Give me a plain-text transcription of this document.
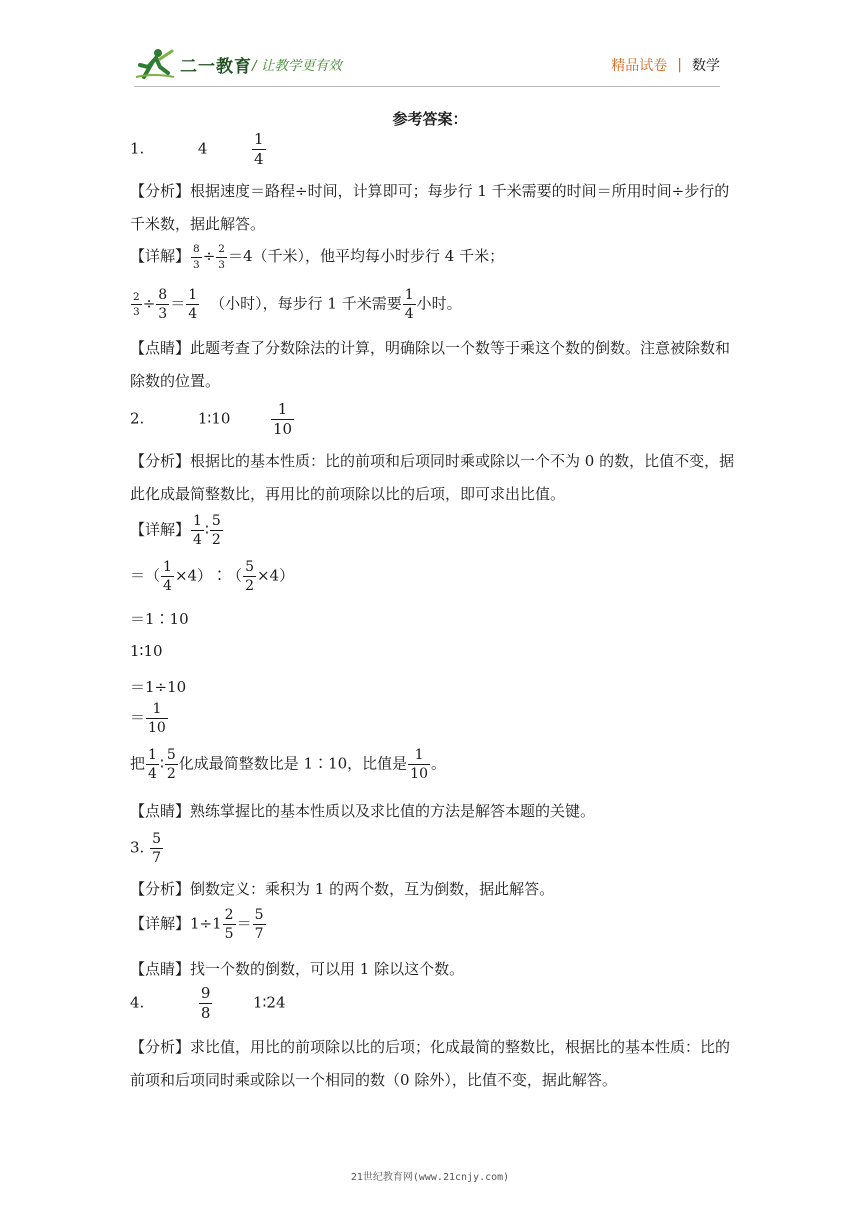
二一教育 / 让教学更有效	精品试卷 | 数学
参考答案：
1.	4	$\frac{1}{4}$
【分析】根据速度＝路程÷时间，计算即可；每步行 1 千米需要的时间＝所用时间÷步行的
千米数，据此解答。
【详解】 $\frac{8}{3} \div \frac{2}{3} =4$（千米），他平均每小时步行 4 千米；
$\frac{2}{3} \div \frac{8}{3} = \frac{1}{4}$ （小时），每步行 1 千米需要 $\frac{1}{4}$ 小时。
【点睛】此题考查了分数除法的计算，明确除以一个数等于乘这个数的倒数。注意被除数和
除数的位置。
2.	1∶10	$\frac{1}{10}$
【分析】根据比的基本性质：比的前项和后项同时乘或除以一个不为 0 的数，比值不变，据
此化成最简整数比，再用比的前项除以比的后项，即可求出比值。
【详解】 $\frac{1}{4}$ ∶ $\frac{5}{2}$
＝（ $\frac{1}{4}$ ×4）∶（ $\frac{5}{2} \times 4$）
＝1∶10
1∶10
＝1÷10
＝ $\frac{1}{10}$
把 $\frac{1}{4}$ ∶ $\frac{5}{2}$ 化成最简整数比是 1∶10，比值是 $\frac{1}{10}$ 。
【点睛】熟练掌握比的基本性质以及求比值的方法是解答本题的关键。
3. $\frac{5}{7}$
【分析】倒数定义：乘积为 1 的两个数，互为倒数，据此解答。
【详解】$1\div 1 \frac{2}{5} = \frac{5}{7}$
【点睛】找一个数的倒数，可以用 1 除以这个数。
4.	$\frac{9}{8}$	1∶24
【分析】求比值，用比的前项除以比的后项；化成最简的整数比，根据比的基本性质：比的
前项和后项同时乘或除以一个相同的数（0 除外），比值不变，据此解答。
21世纪教育网(www.21cnjy.com)
